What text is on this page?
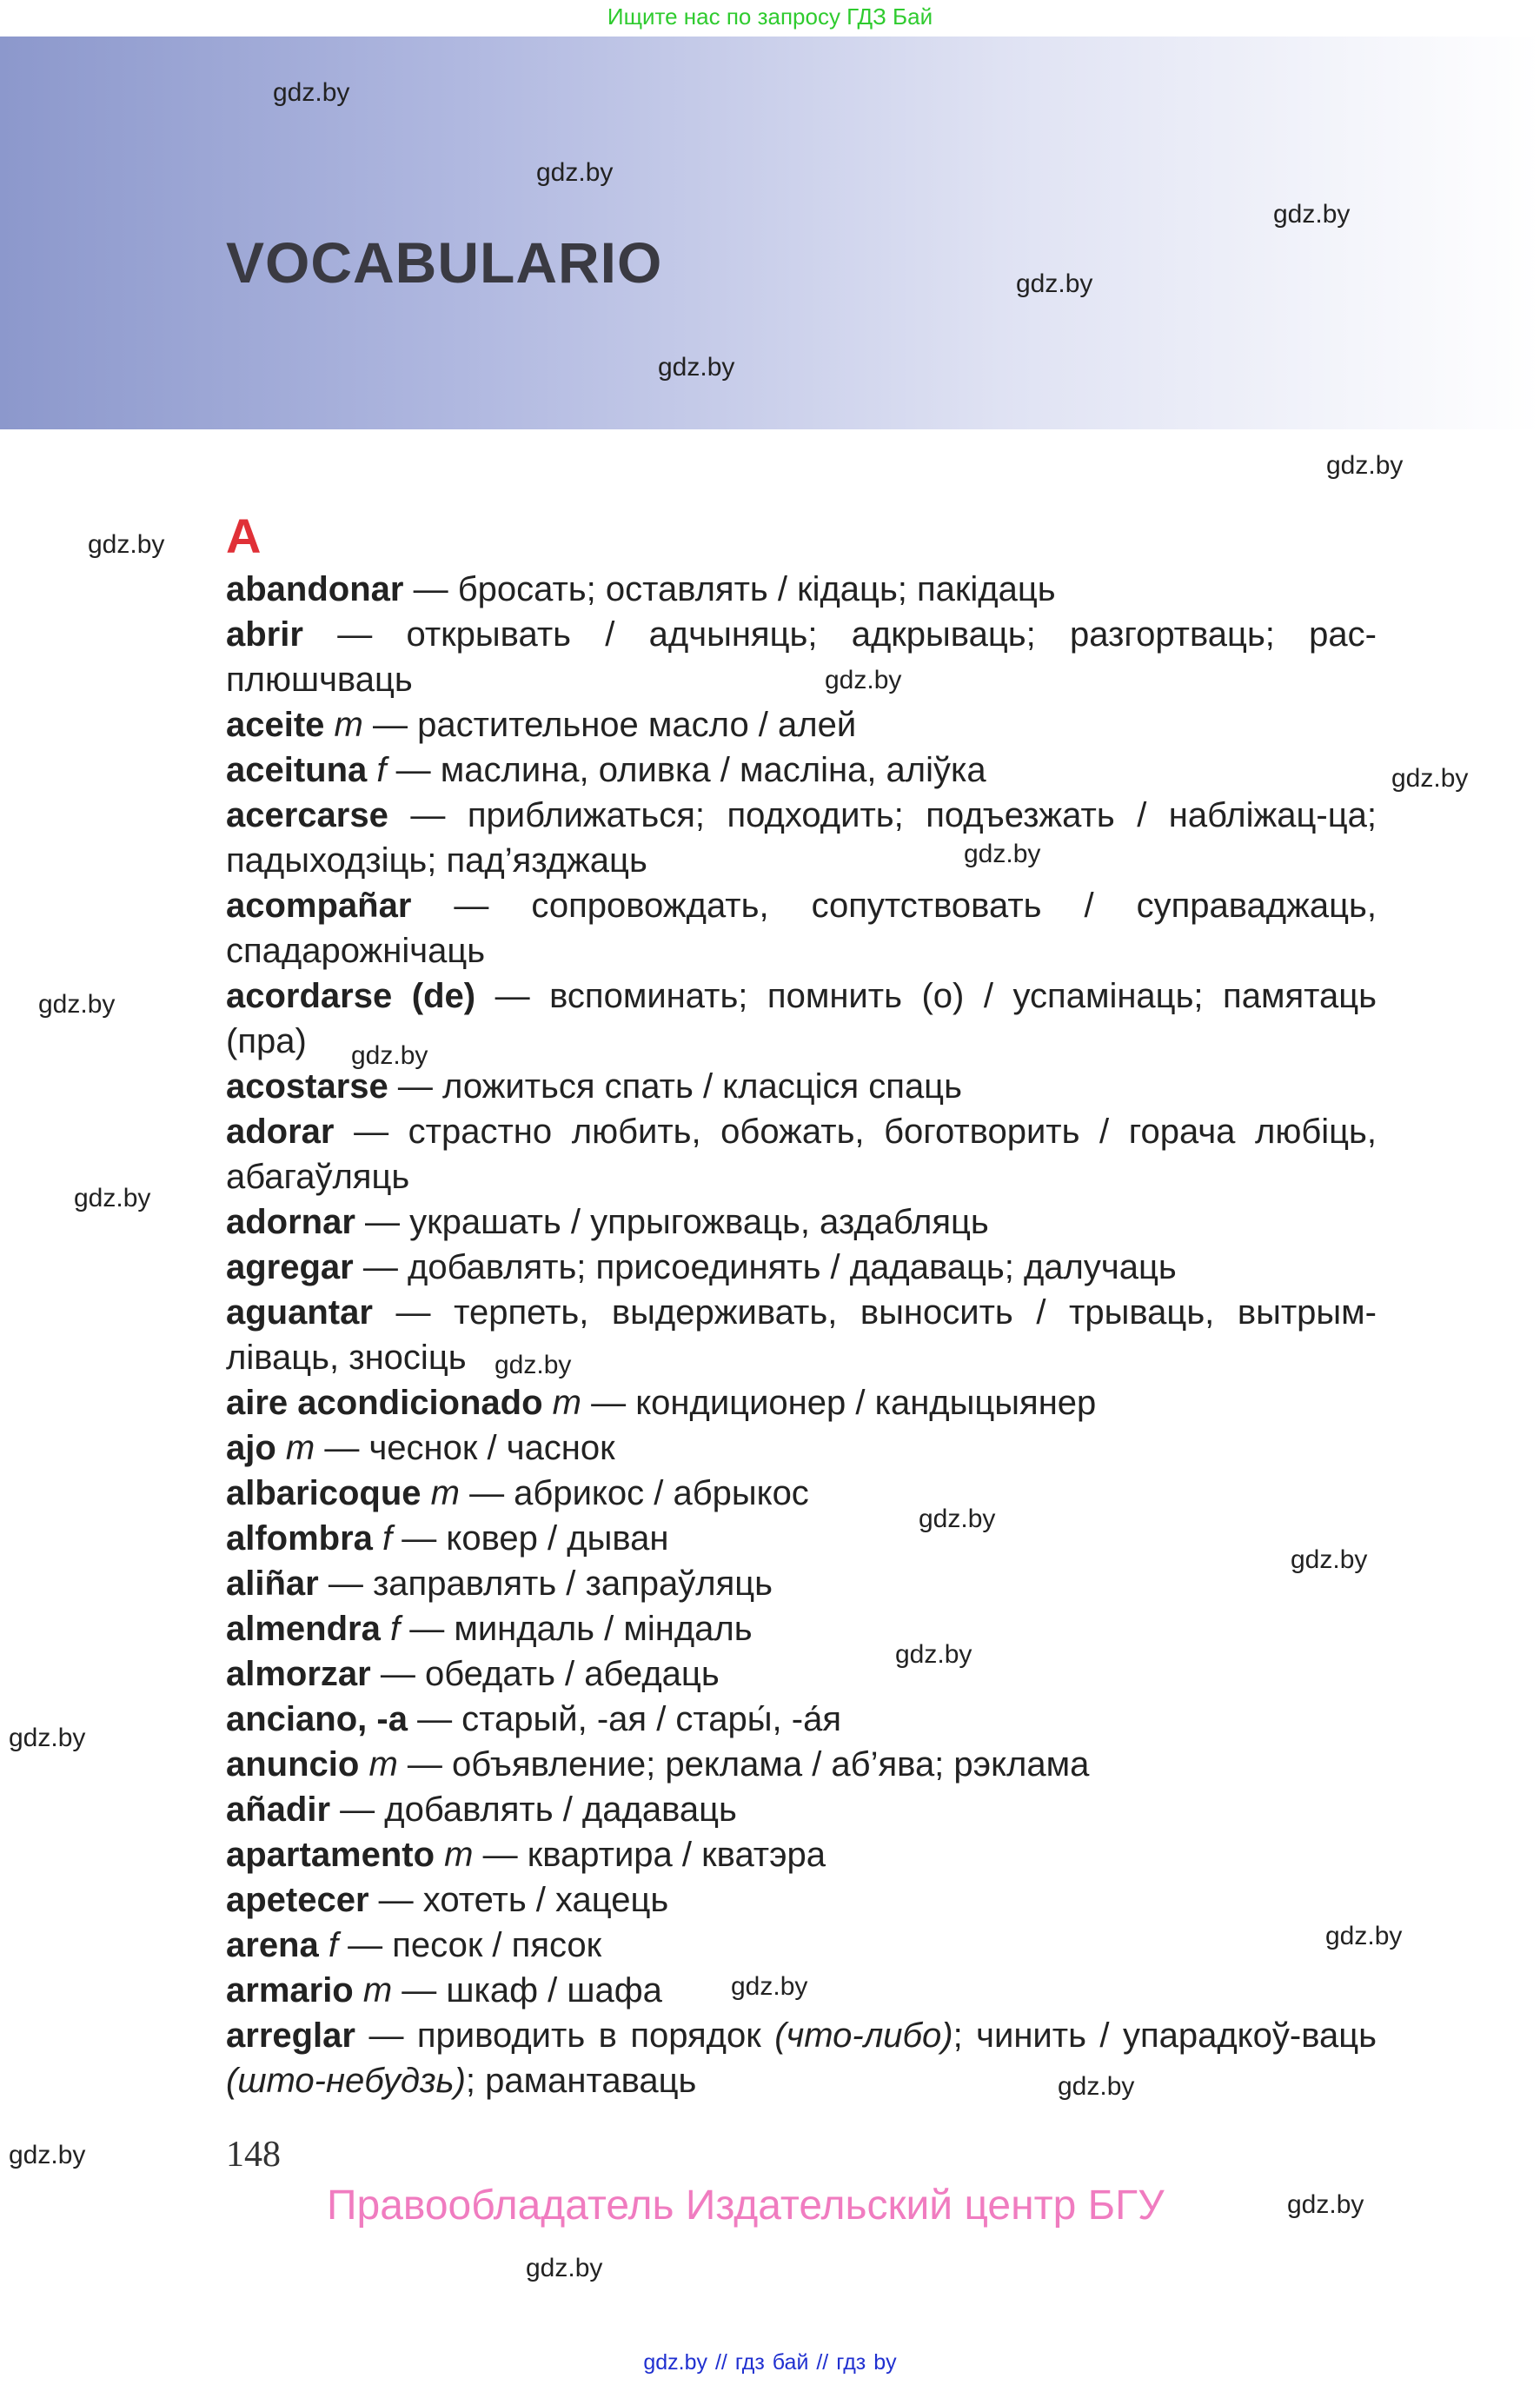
Ищите нас по запросу ГДЗ Бай
VOCABULARIO
A
abandonar — бросать; оставлять / кідаць; пакідаць
abrir — открывать / адчыняць; адкрываць; разгортваць; рас-плюшчваць
aceite m — растительное масло / алей
aceituna f — маслина, оливка / масліна, аліўка
acercarse — приближаться; подходить; подъезжать / набліжац-ца; падыходзіць; пад’язджаць
acompañar — сопровождать, сопутствовать / суправаджаць, спадарожнічаць
acordarse (de) — вспоминать; помнить (о) / успамінаць; памятаць (пра)
acostarse — ложиться спать / класціся спаць
adorar — страстно любить, обожать, боготворить / горача любіць, абагаўляць
adornar — украшать / упрыгожваць, аздабляць
agregar — добавлять; присоединять / дадаваць; далучаць
aguantar — терпеть, выдерживать, выносить / трываць, вытрым-ліваць, зносіць
aire acondicionado m — кондиционер / кандыцыянер
ajo m — чеснок / часнок
albaricoque m — абрикос / абрыкос
alfombra f — ковер / дыван
aliñar — заправлять / запраўляць
almendra f — миндаль / міндаль
almorzar — обедать / абедаць
anciano, -a — старый, -ая / стары́, -а́я
anuncio m — объявление; реклама / аб’ява; рэклама
añadir — добавлять / дадаваць
apartamento m — квартира / кватэра
apetecer — хотеть / хацець
arena f — песок / пясок
armario m — шкаф / шафа
arreglar — приводить в порядок (что-либо); чинить / упарадкоў-ваць (што-небудзь); рамантаваць
148
Правообладатель Издательский центр БГУ
gdz.by // гдз бай // гдз by
gdz.by
gdz.by
gdz.by
gdz.by
gdz.by
gdz.by
gdz.by
gdz.by
gdz.by
gdz.by
gdz.by
gdz.by
gdz.by
gdz.by
gdz.by
gdz.by
gdz.by
gdz.by
gdz.by
gdz.by
gdz.by
gdz.by
gdz.by
gdz.by
